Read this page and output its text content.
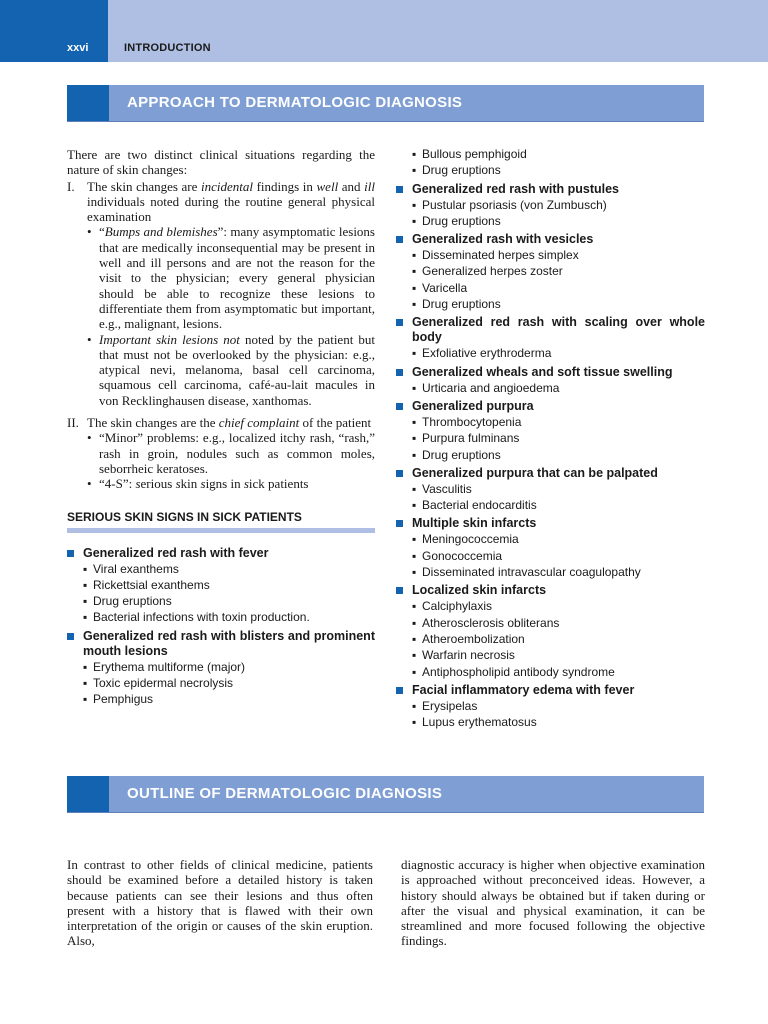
xxvi	INTRODUCTION
APPROACH TO DERMATOLOGIC DIAGNOSIS

There are two distinct clinical situations regarding the nature of skin changes:

I. The skin changes are incidental findings in well and ill individuals noted during the routine general physical examination
• “Bumps and blemishes”: many asymptomatic lesions that are medically inconsequential may be present in well and ill persons and are not the reason for the visit to the physician; every general physician should be able to recognize these lesions to differentiate them from asymptomatic but important, e.g., malignant, lesions.
• Important skin lesions not noted by the patient but that must not be overlooked by the physician: e.g., atypical nevi, melanoma, basal cell carcinoma, squamous cell carcinoma, café-au-lait macules in von Recklinghausen disease, xanthomas.
II. The skin changes are the chief complaint of the patient
• “Minor” problems: e.g., localized itchy rash, “rash,” rash in groin, nodules such as common moles, seborrheic keratoses.
• “4-S”: serious skin signs in sick patients
SERIOUS SKIN SIGNS IN SICK PATIENTS
Generalized red rash with fever
▪ Viral exanthems
▪ Rickettsial exanthems
▪ Drug eruptions
▪ Bacterial infections with toxin production.
Generalized red rash with blisters and prominent mouth lesions
▪ Erythema multiforme (major)
▪ Toxic epidermal necrolysis
▪ Pemphigus
▪ Bullous pemphigoid
▪ Drug eruptions
Generalized red rash with pustules
▪ Pustular psoriasis (von Zumbusch)
▪ Drug eruptions
Generalized rash with vesicles
▪ Disseminated herpes simplex
▪ Generalized herpes zoster
▪ Varicella
▪ Drug eruptions
Generalized red rash with scaling over whole body
▪ Exfoliative erythroderma
Generalized wheals and soft tissue swelling
▪ Urticaria and angioedema
Generalized purpura
▪ Thrombocytopenia
▪ Purpura fulminans
▪ Drug eruptions
Generalized purpura that can be palpated
▪ Vasculitis
▪ Bacterial endocarditis
Multiple skin infarcts
▪ Meningococcemia
▪ Gonococcemia
▪ Disseminated intravascular coagulopathy
Localized skin infarcts
▪ Calciphylaxis
▪ Atherosclerosis obliterans
▪ Atheroembolization
▪ Warfarin necrosis
▪ Antiphospholipid antibody syndrome
Facial inflammatory edema with fever
▪ Erysipelas
▪ Lupus erythematosus
OUTLINE OF DERMATOLOGIC DIAGNOSIS

In contrast to other fields of clinical medicine, patients should be examined before a detailed history is taken because patients can see their lesions and thus often present with a history that is flawed with their own interpretation of the origin or causes of the skin eruption. Also,

diagnostic accuracy is higher when objective examination is approached without preconceived ideas. However, a history should always be obtained but if taken during or after the visual and physical examination, it can be streamlined and more focused following the objective findings.
